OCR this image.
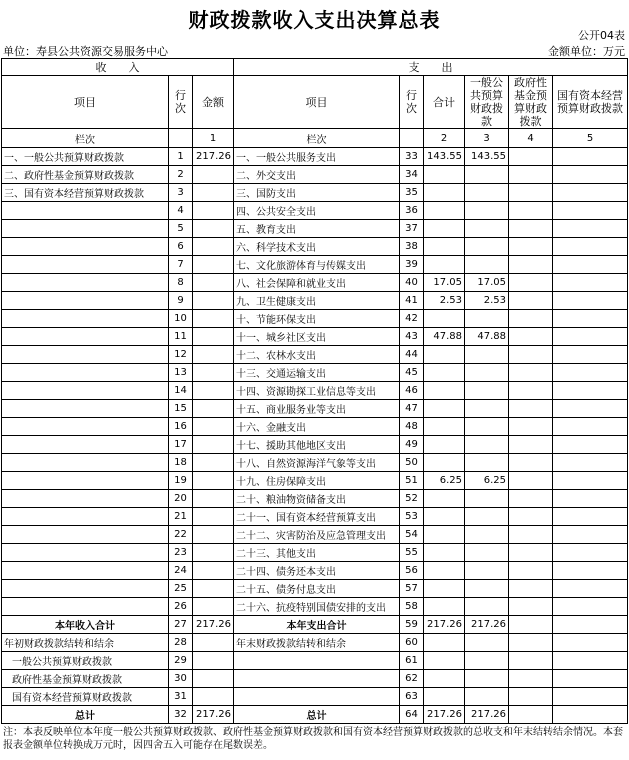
财政拨款收入支出决算总表
公开04表
单位：寿县公共资源交易服务中心	金额单位：万元
收　　入			支　　出					
项目	行次	金额	项目	行次	合计	一般公共预算财政拨款	政府性基金预算财政拨款	国有资本经营预算财政拨款
栏次		1	栏次		2	3	4	5
一、一般公共预算财政拨款	1	217.26	一、一般公共服务支出	33	143.55	143.55		
二、政府性基金预算财政拨款	2		二、外交支出	34				
三、国有资本经营预算财政拨款	3		三、国防支出	35				
	4		四、公共安全支出	36				
	5		五、教育支出	37				
	6		六、科学技术支出	38				
	7		七、文化旅游体育与传媒支出	39				
	8		八、社会保障和就业支出	40	17.05	17.05		
	9		九、卫生健康支出	41	2.53	2.53		
	10		十、节能环保支出	42				
	11		十一、城乡社区支出	43	47.88	47.88		
	12		十二、农林水支出	44				
	13		十三、交通运输支出	45				
	14		十四、资源勘探工业信息等支出	46				
	15		十五、商业服务业等支出	47				
	16		十六、金融支出	48				
	17		十七、援助其他地区支出	49				
	18		十八、自然资源海洋气象等支出	50				
	19		十九、住房保障支出	51	6.25	6.25		
	20		二十、粮油物资储备支出	52				
	21		二十一、国有资本经营预算支出	53				
	22		二十二、灾害防治及应急管理支出	54				
	23		二十三、其他支出	55				
	24		二十四、债务还本支出	56				
	25		二十五、债务付息支出	57				
	26		二十六、抗疫特别国债安排的支出	58				
本年收入合计	27	217.26	本年支出合计	59	217.26	217.26		
年初财政拨款结转和结余	28		年末财政拨款结转和结余	60				
一般公共预算财政拨款	29			61				
政府性基金预算财政拨款	30			62				
国有资本经营预算财政拨款	31			63				
总计	32	217.26	总计	64	217.26	217.26		
注：本表反映单位本年度一般公共预算财政拨款、政府性基金预算财政拨款和国有资本经营预算财政拨款的总收支和年末结转结余情况。本套报表金额单位转换成万元时，因四舍五入可能存在尾数误差。
